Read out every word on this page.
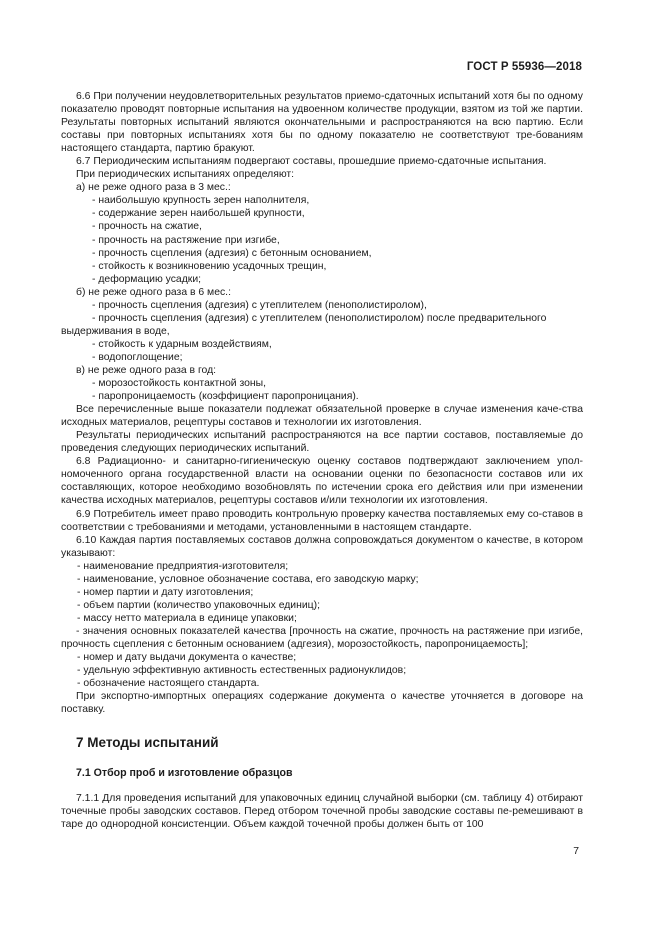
ГОСТ Р 55936—2018

6.6 При получении неудовлетворительных результатов приемо-сдаточных испытаний хотя бы по одному показателю проводят повторные испытания на удвоенном количестве продукции, взятом из той же партии. Результаты повторных испытаний являются окончательными и распространяются на всю партию. Если составы при повторных испытаниях хотя бы по одному показателю не соответствуют тре-бованиям настоящего стандарта, партию бракуют.

6.7 Периодическим испытаниям подвергают составы, прошедшие приемо-сдаточные испытания.

При периодических испытаниях определяют:

а) не реже одного раза в 3 мес.:
- наибольшую крупность зерен наполнителя,
- содержание зерен наибольшей крупности,
- прочность на сжатие,
- прочность на растяжение при изгибе,
- прочность сцепления (адгезия) с бетонным основанием,
- стойкость к возникновению усадочных трещин,
- деформацию усадки;
б) не реже одного раза в 6 мес.:
- прочность сцепления (адгезия) с утеплителем (пенополистиролом),
- прочность сцепления (адгезия) с утеплителем (пенополистиролом) после предварительного
выдерживания в воде,
- стойкость к ударным воздействиям,
- водопоглощение;
в) не реже одного раза в год:
- морозостойкость контактной зоны,
- паропроницаемость (коэффициент паропроницания).

Все перечисленные выше показатели подлежат обязательной проверке в случае изменения каче-ства исходных материалов, рецептуры составов и технологии их изготовления.

Результаты периодических испытаний распространяются на все партии составов, поставляемые до проведения следующих периодических испытаний.

6.8 Радиационно- и санитарно-гигиеническую оценку составов подтверждают заключением упол-номоченного органа государственной власти на основании оценки по безопасности составов или их составляющих, которое необходимо возобновлять по истечении срока его действия или при изменении качества исходных материалов, рецептуры составов и/или технологии их изготовления.

6.9 Потребитель имеет право проводить контрольную проверку качества поставляемых ему со-ставов в соответствии с требованиями и методами, установленными в настоящем стандарте.

6.10 Каждая партия поставляемых составов должна сопровождаться документом о качестве, в котором указывают:

- наименование предприятия-изготовителя;
- наименование, условное обозначение состава, его заводскую марку;
- номер партии и дату изготовления;
- объем партии (количество упаковочных единиц);
- массу нетто материала в единице упаковки;

- значения основных показателей качества [прочность на сжатие, прочность на растяжение при изгибе, прочность сцепления с бетонным основанием (адгезия), морозостойкость, паропроницаемость];

- номер и дату выдачи документа о качестве;
- удельную эффективную активность естественных радионуклидов;
- обозначение настоящего стандарта.

При экспортно-импортных операциях содержание документа о качестве уточняется в договоре на поставку.

7 Методы испытаний
7.1 Отбор проб и изготовление образцов

7.1.1 Для проведения испытаний для упаковочных единиц случайной выборки (см. таблицу 4) отбирают точечные пробы заводских составов. Перед отбором точечной пробы заводские составы пе-ремешивают в таре до однородной консистенции. Объем каждой точечной пробы должен быть от 100

7
